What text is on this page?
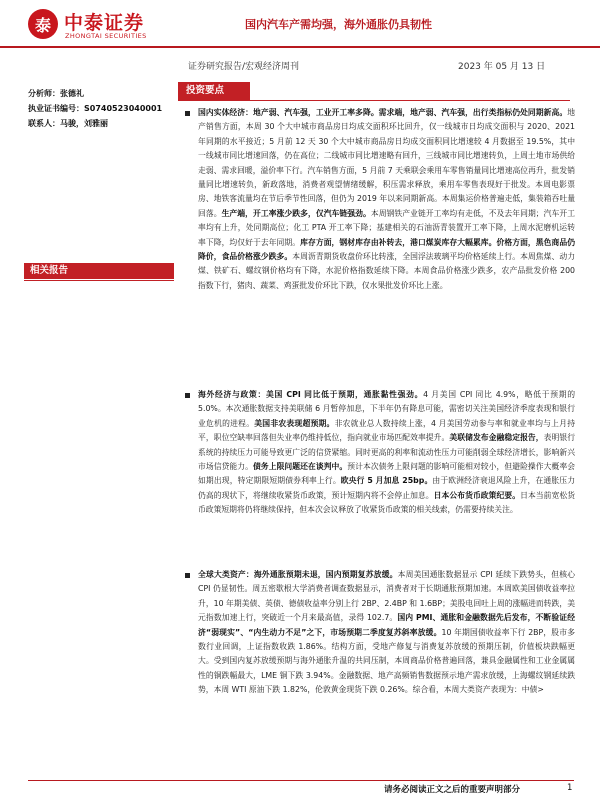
泰 中泰证券
ZHONGTAI SECURITIES
国内汽车产需均强，海外通胀仍具韧性
证券研究报告/宏观经济周刊	2023 年 05 月 13 日
分析师：张德礼
执业证书编号：S0740523040001
联系人：马骏，刘雅丽
相关报告
投资要点
国内实体经济：地产弱、汽车强，工业开工率多降。需求端，地产弱、汽车强，出行类指标仍处同期新高。地产销售方面，本周 30 个大中城市商品房日均成交面积环比回升，仅一线城市日均成交面积与 2020、2021 年同期的水平接近；5 月前 12 天 30 个大中城市商品房日均成交面积同比增速较 4 月数据至 19.5%，其中一线城市同比增速回落，仍在高位；二线城市同比增速略有回升，三线城市同比增速转负，上周土地市场供给走弱、需求回暖，溢价率下行。汽车销售方面，5 月前 7 天乘联会乘用车零售销量同比增速高位再升，批发销量同比增速转负，新政落地，消费者观望情绪缓解，积压需求释放，乘用车零售表现好于批发。本周电影票房、地铁客流量均在节后季节性回落，但仍为 2019 年以来同期新高。本周集运价格普遍走低，集装箱吞吐量回落。生产端，开工率涨少跌多，仅汽车链强劲。本周钢铁产业链开工率均有走低，不及去年同期；汽车开工率均有上升，处同期高位；化工 PTA 开工率下降；基建相关的石油沥青装置开工率下降，上周水泥磨机运转率下降，均仅好于去年同期。库存方面，钢材库存由补转去，港口煤炭库存大幅累库。价格方面，黑色商品仍降价，食品价格涨少跌多。本周沥青期货收盘价环比转涨，全国浮法玻璃平均价格延续上行。本周焦煤、动力煤、铁矿石、螺纹钢价格均有下降，水泥价格指数延续下降。本周食品价格涨少跌多，农产品批发价格 200 指数下行，猪肉、蔬菜、鸡蛋批发价环比下跌，仅水果批发价环比上涨。
海外经济与政策：美国 CPI 同比低于预期，通胀黏性强劲。4 月美国 CPI 同比 4.9%，略低于预期的 5.0%。本次通胀数据支持美联储 6 月暂停加息，下半年仍有降息可能，需密切关注美国经济季度表现和银行业危机的进程。美国非农表现超预期。非农就业总人数持续上涨，4 月美国劳动参与率和就业率均与上月持平，职位空缺率回落但失业率仍维持低位，指向就业市场匹配效率提升。美联储发布金融稳定报告，表明银行系统的持续压力可能导致更广泛的信贷紧缩。同时更高的利率和流动性压力可能削弱全球经济增长，影响新兴市场信贷能力。债务上限问题还在谈判中。预计本次债务上限问题的影响可能相对较小，但避险操作大概率会如期出现，特定期限短期债券利率上行。欧央行 5 月加息 25bp。由于欧洲经济衰退风险上升，在通胀压力仍高的现状下，将继续收紧货币政策，预计短期内将不会停止加息。日本公布货币政策纪要。日本当前宽松货币政策短期将仍将继续保持，但本次会议释放了收紧货币政策的相关线索，仍需要持续关注。
全球大类资产：海外通胀预期未退，国内预期复苏放缓。本周美国通胀数据显示 CPI 延续下跌势头，但核心 CPI 仍显韧性。周五密歇根大学消费者调查数据显示，消费者对于长期通胀预期加速。本周欧美国债收益率拉升，10 年期美债、英债、德债收益率分别上行 2BP、2.4BP 和 1.6BP；美股电回吐上周的涨幅进而转跌，美元指数加速上行，突破近一个月来最高值，录得 102.7。国内 PMI、通胀和金融数据先后发布，不断验证经济“弱现实”、“内生动力不足”之下，市场预期二季度复苏斜率放缓。10 年期国债收益率下行 2BP，股市多数行业回调，上证指数收跌 1.86%。结构方面，受地产修复与消费复苏放缓的预期压制，价值板块跌幅更大。受到国内复苏放缓预期与海外通胀升温的共同压制，本周商品价格普遍回落，兼具金融属性和工业金属属性的铜跌幅最大，LME 铜下跌 3.94%。金融数据、地产高频销售数据预示地产需求放缓，上海螺纹钢延续跌势，本周 WTI 原油下跌 1.82%，伦敦黄金现货下跌 0.26%。综合看，本周大类资产表现为：中债>
请务必阅读正文之后的重要声明部分	1
